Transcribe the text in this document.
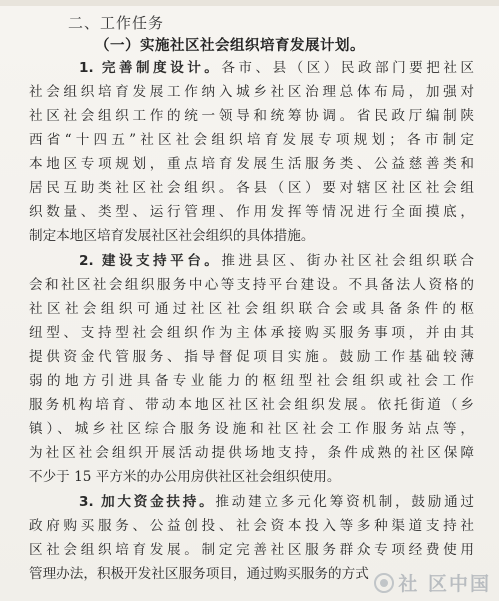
二、工作任务
（一）实施社区社会组织培育发展计划。
1. 完善制度设计。各市、县（区）民政部门要把社区
社会组织培育发展工作纳入城乡社区治理总体布局，加强对
社区社会组织工作的统一领导和统筹协调。省民政厅编制陕
西省“十四五”社区社会组织培育发展专项规划；各市制定
本地区专项规划，重点培育发展生活服务类、公益慈善类和
居民互助类社区社会组织。各县（区）要对辖区社区社会组
织数量、类型、运行管理、作用发挥等情况进行全面摸底，
制定本地区培育发展社区社会组织的具体措施。
2. 建设支持平台。推进县区、街办社区社会组织联合
会和社区社会组织服务中心等支持平台建设。不具备法人资格的
社区社会组织可通过社区社会组织联合会或具备条件的枢
纽型、支持型社会组织作为主体承接购买服务事项，并由其
提供资金代管服务、指导督促项目实施。鼓励工作基础较薄
弱的地方引进具备专业能力的枢纽型社会组织或社会工作
服务机构培育、带动本地区社区社会组织发展。依托街道（乡
镇）、城乡社区综合服务设施和社区社会工作服务站点等，
为社区社会组织开展活动提供场地支持，条件成熟的社区保障
不少于 15 平方米的办公用房供社区社会组织使用。
3. 加大资金扶持。推动建立多元化筹资机制，鼓励通过
政府购买服务、公益创投、社会资本投入等多种渠道支持社
区社会组织培育发展。制定完善社区服务群众专项经费使用
管理办法，积极开发社区服务项目，通过购买服务的方式	社 区中国
